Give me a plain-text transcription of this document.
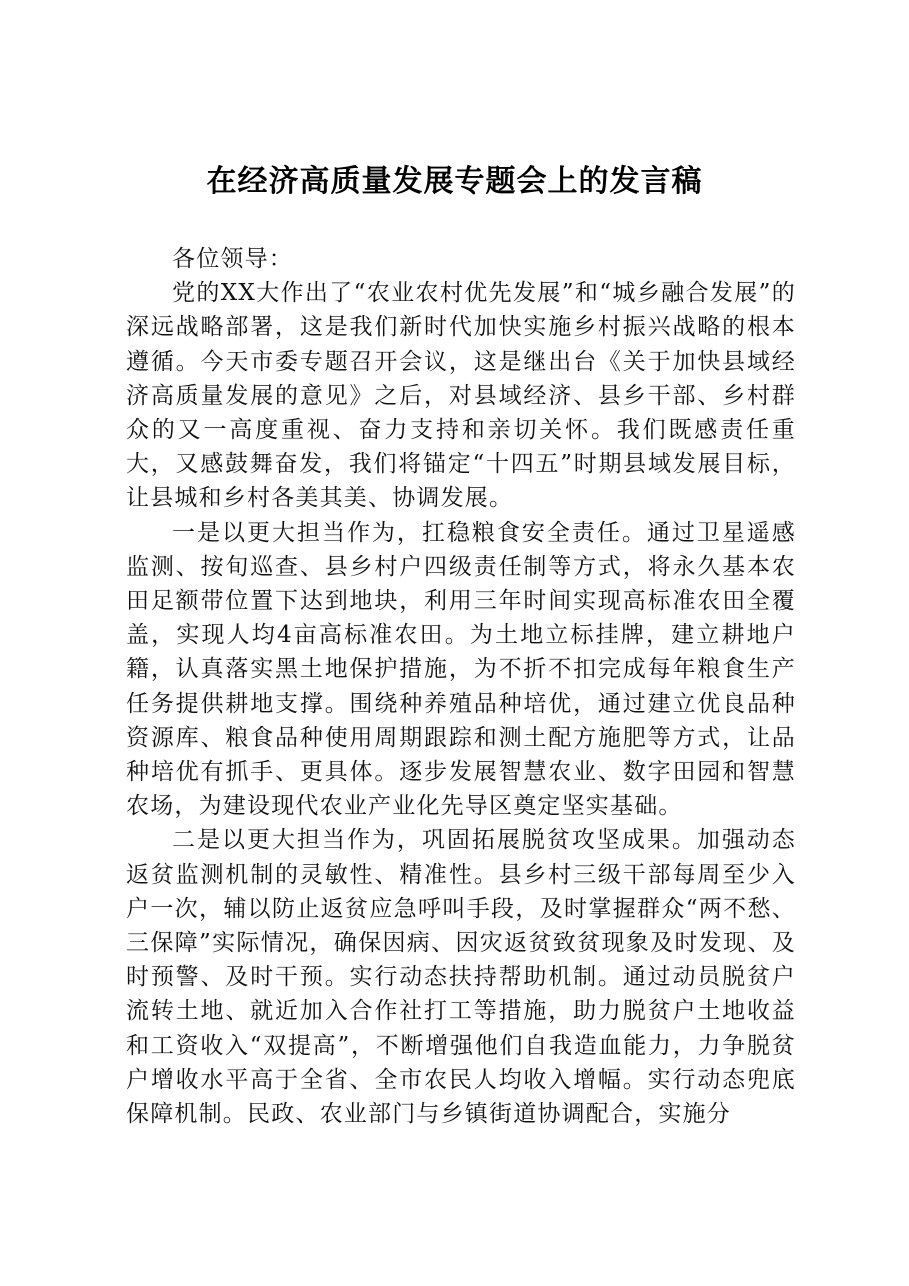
在经济高质量发展专题会上的发言稿

各位领导：

党的XX大作出了“农业农村优先发展”和“城乡融合发展”的深远战略部署，这是我们新时代加快实施乡村振兴战略的根本遵循。今天市委专题召开会议，这是继出台《关于加快县域经济高质量发展的意见》之后，对县域经济、县乡干部、乡村群众的又一高度重视、奋力支持和亲切关怀。我们既感责任重大，又感鼓舞奋发，我们将锚定“十四五”时期县域发展目标，让县城和乡村各美其美、协调发展。

一是以更大担当作为，扛稳粮食安全责任。通过卫星遥感监测、按旬巡查、县乡村户四级责任制等方式，将永久基本农田足额带位置下达到地块，利用三年时间实现高标准农田全覆盖，实现人均4亩高标准农田。为土地立标挂牌，建立耕地户籍，认真落实黑土地保护措施，为不折不扣完成每年粮食生产任务提供耕地支撑。围绕种养殖品种培优，通过建立优良品种资源库、粮食品种使用周期跟踪和测土配方施肥等方式，让品种培优有抓手、更具体。逐步发展智慧农业、数字田园和智慧农场，为建设现代农业产业化先导区奠定坚实基础。

二是以更大担当作为，巩固拓展脱贫攻坚成果。加强动态返贫监测机制的灵敏性、精准性。县乡村三级干部每周至少入户一次，辅以防止返贫应急呼叫手段，及时掌握群众“两不愁、三保障”实际情况，确保因病、因灾返贫致贫现象及时发现、及时预警、及时干预。实行动态扶持帮助机制。通过动员脱贫户流转土地、就近加入合作社打工等措施，助力脱贫户土地收益和工资收入“双提高”，不断增强他们自我造血能力，力争脱贫户增收水平高于全省、全市农民人均收入增幅。实行动态兜底保障机制。民政、农业部门与乡镇街道协调配合，实施分
